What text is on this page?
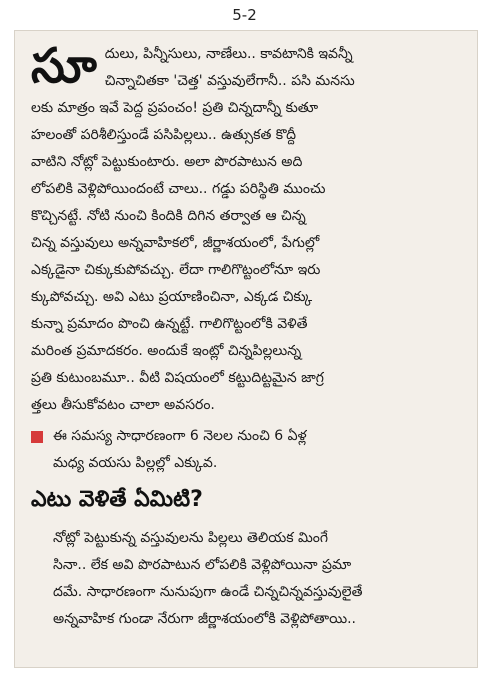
5-2
సూ దులు, పిన్నీసులు, నాణేలు.. కావటానికి ఇవన్నీ
చిన్నాచితకా 'చెత్త' వస్తువులేగానీ.. పసి మనసు
లకు మాత్రం ఇవే పెద్ద ప్రపంచం! ప్రతి చిన్నదాన్నీ కుతూ
హలంతో పరిశీలిస్తుండే పసిపిల్లలు.. ఉత్సుకత కొద్దీ
వాటిని నోట్లో పెట్టుకుంటారు. అలా పొరపాటున అది
లోపలికి వెళ్లిపోయిందంటే చాలు.. గడ్డు పరిస్థితి ముంచు
కొచ్చినట్టే. నోటి నుంచి కిందికి దిగిన తర్వాత ఆ చిన్న
చిన్న వస్తువులు అన్నవాహికలో, జీర్ణాశయంలో, పేగుల్లో
ఎక్కడైనా చిక్కుకుపోవచ్చు. లేదా గాలిగొట్టంలోనూ ఇరు
క్కుపోవచ్చు. అవి ఎటు ప్రయాణించినా, ఎక్కడ చిక్కు
కున్నా ప్రమాదం పొంచి ఉన్నట్టే. గాలిగొట్టంలోకి వెళితే
మరింత ప్రమాదకరం. అందుకే ఇంట్లో చిన్నపిల్లలున్న
ప్రతి కుటుంబమూ.. వీటి విషయంలో కట్టుదిట్టమైన జాగ్ర
త్తలు తీసుకోవటం చాలా అవసరం.

ఈ సమస్య సాధారణంగా 6 నెలల నుంచి 6 ఏళ్ల
మధ్య వయసు పిల్లల్లో ఎక్కువ.

ఎటు వెళితే ఏమిటి?

నోట్లో పెట్టుకున్న వస్తువులను పిల్లలు తెలియక మింగే
సినా.. లేక అవి పొరపాటున లోపలికి వెళ్లిపోయినా ప్రమా
దమే. సాధారణంగా నునుపుగా ఉండే చిన్నచిన్నవస్తువులైతే
అన్నవాహిక గుండా నేరుగా జీర్ణాశయంలోకి వెళ్లిపోతాయి..
